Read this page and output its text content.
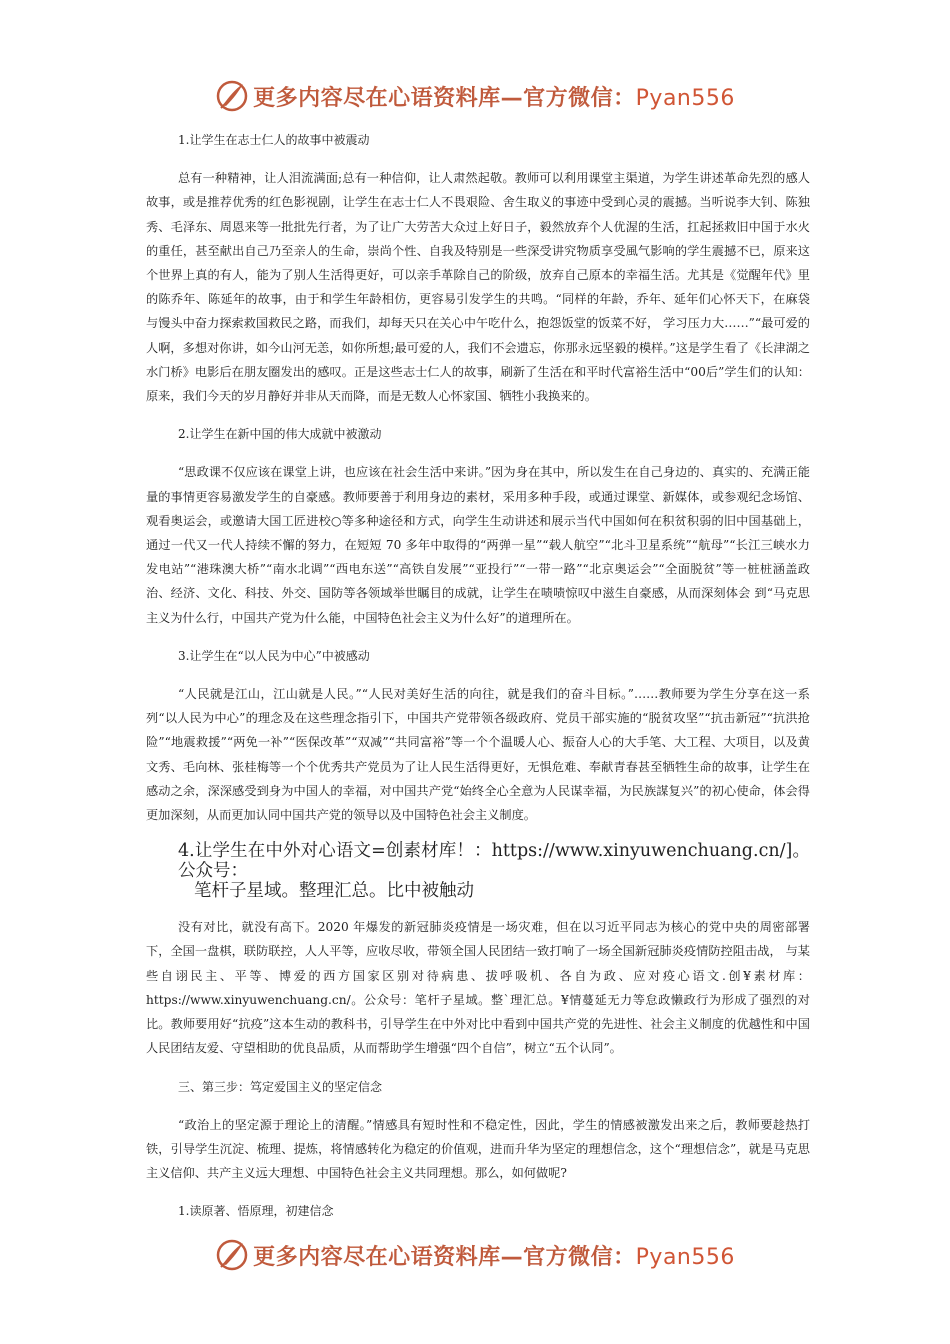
更多内容尽在心语资料库—官方微信：Pyan556

1.让学生在志士仁人的故事中被震动

总有一种精神，让人泪流满面;总有一种信仰，让人肃然起敬。教师可以利用课堂主渠道，为学生讲述革命先烈的感人故事，或是推荐优秀的红色影视剧，让学生在志士仁人不畏艰险、舍生取义的事迹中受到心灵的震撼。当听说李大钊、陈独秀、毛泽东、周恩来等一批批先行者，为了让广大劳苦大众过上好日子，毅然放弃个人优渥的生活，扛起拯救旧中国于水火的重任，甚至献出自己乃至亲人的生命，崇尚个性、自我及特别是一些深受讲究物质享受風气影响的学生震撼不已，原来这个世界上真的有人，能为了别人生活得更好，可以亲手革除自己的阶级，放弃自己原本的幸福生活。尤其是《觉醒年代》里的陈乔年、陈延年的故事，由于和学生年龄相仿，更容易引发学生的共鸣。“同样的年龄，乔年、延年们心怀天下，在麻袋与馒头中奋力探索救国救民之路，而我们，却每天只在关心中午吃什么，抱怨饭堂的饭菜不好， 学习压力大……”“最可爱的人啊，多想对你讲，如今山河无恙，如你所想;最可爱的人，我们不会遗忘，你那永远坚毅的模样。”这是学生看了《长津湖之水门桥》电影后在朋友圈发出的感叹。正是这些志士仁人的故事，刷新了生活在和平时代富裕生活中“00后”学生们的认知：原来，我们今天的岁月静好并非从天而降，而是无数人心怀家国、牺牲小我换来的。

2.让学生在新中国的伟大成就中被激动

“思政课不仅应该在课堂上讲，也应该在社会生活中来讲。”因为身在其中，所以发生在自己身边的、真实的、充满正能量的事情更容易激发学生的自豪感。教师要善于利用身边的素材，采用多种手段，或通过课堂、新媒体，或参观纪念场馆、观看奥运会，或邀请大国工匠进校○等多种途径和方式，向学生生动讲述和展示当代中国如何在积贫积弱的旧中国基础上，通过一代又一代人持续不懈的努力，在短短 70 多年中取得的“两弹一星”“载人航空”“北斗卫星系统”“航母”“长江三峡水力发电站”“港珠澳大桥”“南水北调”“西电东送”“高铁自发展”“亚投行”“一带一路”“北京奥运会”“全面脱贫”等一桩桩涵盖政治、经济、文化、科技、外交、国防等各领域举世瞩目的成就，让学生在啧啧惊叹中滋生自豪感，从而深刻体会 到“马克思主义为什么行，中国共产党为什么能，中国特色社会主义为什么好”的道理所在。

3.让学生在“以人民为中心”中被感动

“人民就是江山，江山就是人民。”“人民对美好生活的向往，就是我们的奋斗目标。”……教师要为学生分享在这一系列“以人民为中心”的理念及在这些理念指引下，中国共产党带领各级政府、党员干部实施的“脱贫攻坚”“抗击新冠”“抗洪抢险”“地震救援”“两免一补”“医保改革”“双减”“共同富裕”等一个个温暖人心、振奋人心的大手笔、大工程、大项目，以及黄文秀、毛向林、张桂梅等一个个优秀共产党员为了让人民生活得更好，无惧危难、奉献青春甚至牺牲生命的故事，让学生在感动之余，深深感受到身为中国人的幸福，对中国共产党“始终全心全意为人民谋幸福，为民族謀复兴”的初心使命，体会得更加深刻，从而更加认同中国共产党的领导以及中国特色社会主义制度。

4.让学生在中外对心语文=创素材库！：https://www.xinyuwenchuang.cn/]。公众号：
笔杆子星域。整理汇总。比中被触动

没有对比，就没有高下。2020 年爆发的新冠肺炎疫情是一场灾难，但在以习近平同志为核心的党中央的周密部署下，全国一盘棋，联防联控，人人平等，应收尽收，带领全国人民团结一致打响了一场全国新冠肺炎疫情防控阻击战， 与某些自诩民主、平等、博爱的西方国家区别对待病患、拔呼吸机、各自为政、应对疫心语文.创¥素材库：https://www.xinyuwenchuang.cn/。公众号：笔杆子星域。整`理汇总。¥情蔓延无力等怠政懒政行为形成了强烈的对比。教师要用好“抗疫”这本生动的教科书，引导学生在中外对比中看到中国共产党的先进性、社会主义制度的优越性和中国人民团结友爱、守望相助的优良品质，从而帮助学生增强“四个自信”，树立“五个认同”。

三、第三步：笃定爱国主义的坚定信念

“政治上的坚定源于理论上的清醒。”情感具有短时性和不稳定性，因此，学生的情感被激发出来之后，教师要趁热打铁，引导学生沉淀、梳理、提炼，将情感转化为稳定的价值观，进而升华为坚定的理想信念，这个“理想信念”，就是马克思主义信仰、共产主义远大理想、中国特色社会主义共同理想。那么，如何做呢?

1.读原著、悟原理，初建信念

更多内容尽在心语资料库—官方微信：Pyan556
